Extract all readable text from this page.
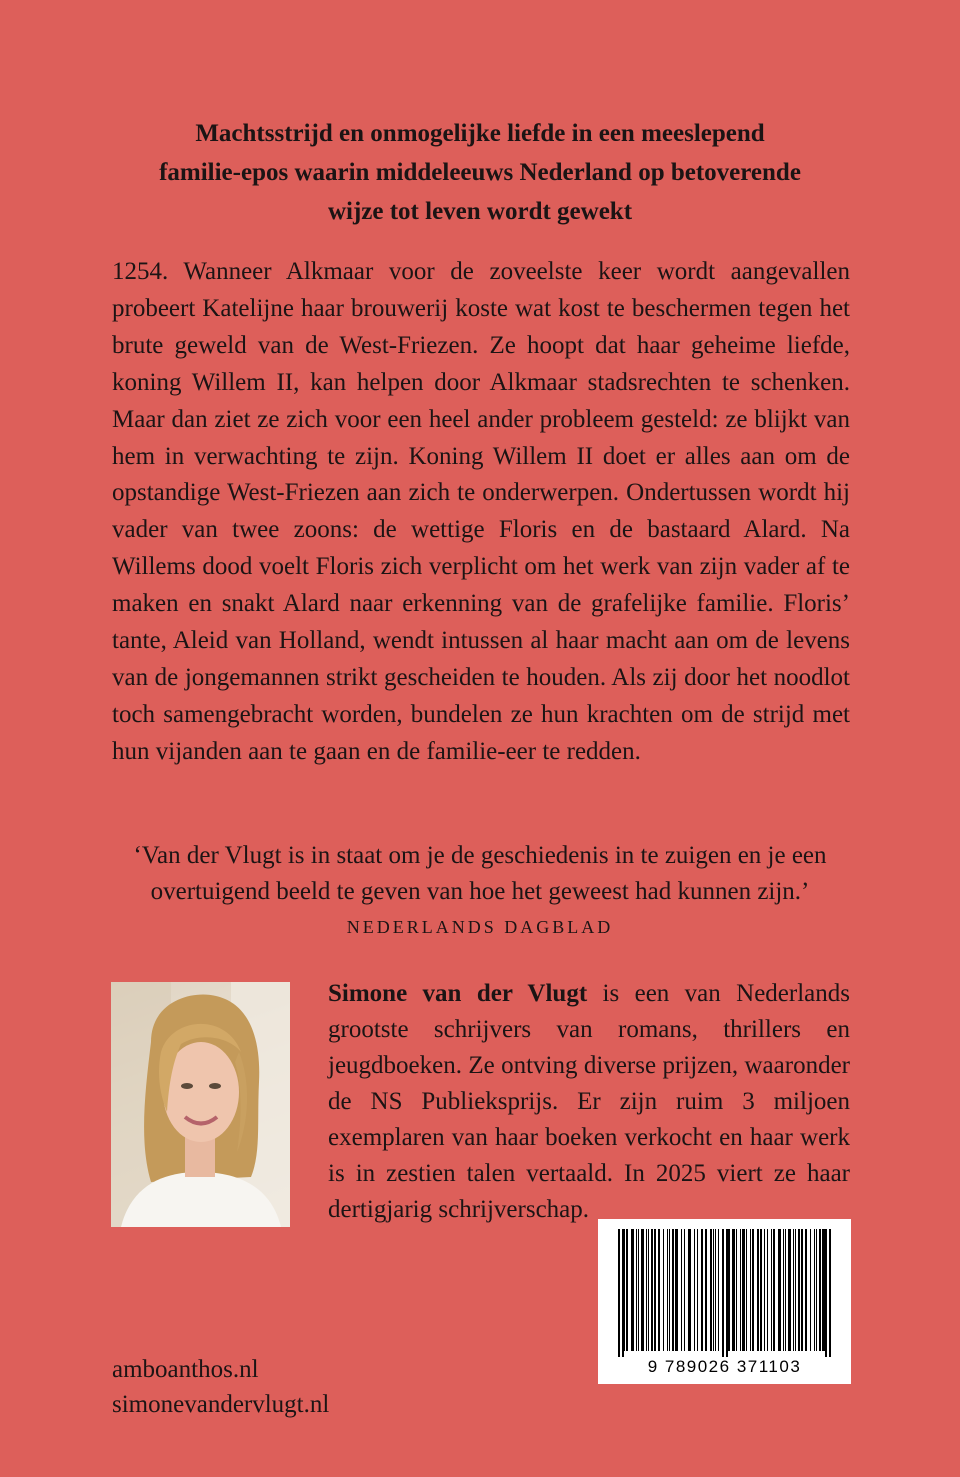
Machtsstrijd en onmogelijke liefde in een meeslepend
familie-epos waarin middeleeuws Nederland op betoverende
wijze tot leven wordt gewekt

1254. Wanneer Alkmaar voor de zoveelste keer wordt aangevallen probeert Katelijne haar brouwerij koste wat kost te beschermen tegen het brute geweld van de West-Friezen. Ze hoopt dat haar geheime liefde, koning Willem II, kan helpen door Alkmaar stadsrechten te schenken. Maar dan ziet ze zich voor een heel ander probleem gesteld: ze blijkt van hem in verwachting te zijn. Koning Willem II doet er alles aan om de opstandige West-Friezen aan zich te onderwerpen. Ondertussen wordt hij vader van twee zoons: de wettige Floris en de bastaard Alard. Na Willems dood voelt Floris zich verplicht om het werk van zijn vader af te maken en snakt Alard naar erkenning van de grafelijke familie. Floris’ tante, Aleid van Holland, wendt intussen al haar macht aan om de levens van de jongemannen strikt gescheiden te houden. Als zij door het noodlot toch samengebracht worden, bundelen ze hun krachten om de strijd met hun vijanden aan te gaan en de familie-eer te redden.

‘Van der Vlugt is in staat om je de geschiedenis in te zuigen en je een
overtuigend beeld te geven van hoe het geweest had kunnen zijn.’
NEDERLANDS DAGBLAD

Simone van der Vlugt is een van Nederlands grootste schrijvers van romans, thrillers en jeugdboeken. Ze ontving diverse prijzen, waaronder de NS Publieksprijs. Er zijn ruim 3 miljoen exemplaren van haar boeken verkocht en haar werk is in zestien talen vertaald. In 2025 viert ze haar dertigjarig schrijverschap.

9 789026 371103
amboanthos.nl
simonevandervlugt.nl
